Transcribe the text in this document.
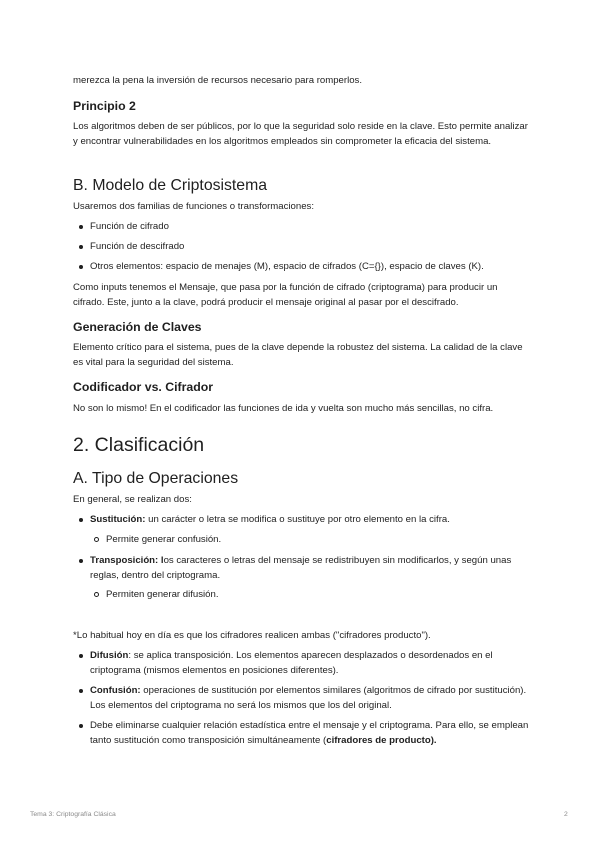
merezca la pena la inversión de recursos necesario para romperlos.

Principio 2

Los algoritmos deben de ser públicos, por lo que la seguridad solo reside en la clave. Esto permite analizar y encontrar vulnerabilidades en los algoritmos empleados sin comprometer la eficacia del sistema.

B. Modelo de Criptosistema

Usaremos dos familias de funciones o transformaciones:

Función de cifrado
Función de descifrado
Otros elementos: espacio de menajes (M), espacio de cifrados (C={}), espacio de claves (K).

Como inputs tenemos el Mensaje, que pasa por la función de cifrado (criptograma) para producir un cifrado. Este, junto a la clave, podrá producir el mensaje original al pasar por el descifrado.

Generación de Claves

Elemento crítico para el sistema, pues de la clave depende la robustez del sistema. La calidad de la clave es vital para la seguridad del sistema.

Codificador vs. Cifrador

No son lo mismo! En el codificador las funciones de ida y vuelta son mucho más sencillas, no cifra.

2. Clasificación
A. Tipo de Operaciones

En general, se realizan dos:

Sustitución: un carácter o letra se modifica o sustituye por otro elemento en la cifra.
Permite generar confusión.
Transposición: los caracteres o letras del mensaje se redistribuyen sin modificarlos, y según unas reglas, dentro del criptograma.
Permiten generar difusión.

*Lo habitual hoy en día es que los cifradores realicen ambas ("cifradores producto").

Difusión: se aplica transposición. Los elementos aparecen desplazados o desordenados en el criptograma (mismos elementos en posiciones diferentes).
Confusión: operaciones de sustitución por elementos similares (algoritmos de cifrado por sustitución). Los elementos del criptograma no será los mismos que los del original.
Debe eliminarse cualquier relación estadística entre el mensaje y el criptograma. Para ello, se emplean tanto sustitución como transposición simultáneamente (cifradores de producto).
Tema 3: Criptografía Clásica	2
